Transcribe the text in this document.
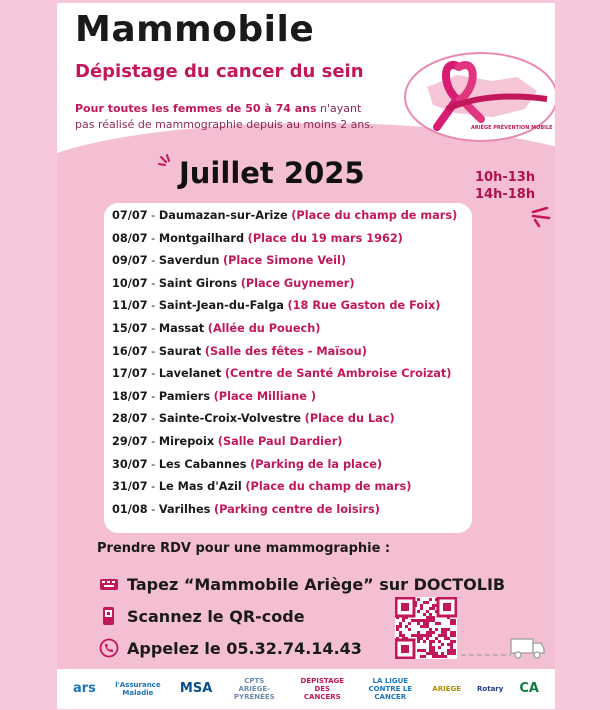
Mammobile
Dépistage du cancer du sein
Pour toutes les femmes de 50 à 74 ans n'ayant pas réalisé de mammographie depuis au moins 2 ans.	ARIÈGE PRÉVENTION MOBILE
Juillet 2025	10h-13h
14h-18h
07/07 - Daumazan-sur-Arize (Place du champ de mars)
08/07 - Montgailhard (Place du 19 mars 1962)
09/07 - Saverdun (Place Simone Veil)
10/07 - Saint Girons (Place Guynemer)
11/07 - Saint-Jean-du-Falga (18 Rue Gaston de Foix)
15/07 - Massat (Allée du Pouech)
16/07 - Saurat (Salle des fêtes - Maïsou)
17/07 - Lavelanet (Centre de Santé Ambroise Croizat)
18/07 - Pamiers (Place Milliane )
28/07 - Sainte-Croix-Volvestre (Place du Lac)
29/07 - Mirepoix (Salle Paul Dardier)
30/07 - Les Cabannes (Parking de la place)
31/07 - Le Mas d'Azil (Place du champ de mars)
01/08 - Varilhes (Parking centre de loisirs)
Prendre RDV pour une mammographie :
Tapez “Mammobile Ariège” sur DOCTOLIB
Scannez le QR-code
Appelez le 05.32.74.14.43
ars	l'Assurance Maladie	MSA	CPTS ARIÈGE-PYRÉNÉES
DÉPISTAGE DES CANCERS
LA LIGUE CONTRE LE CANCER
ARIÈGE Rotary CA
